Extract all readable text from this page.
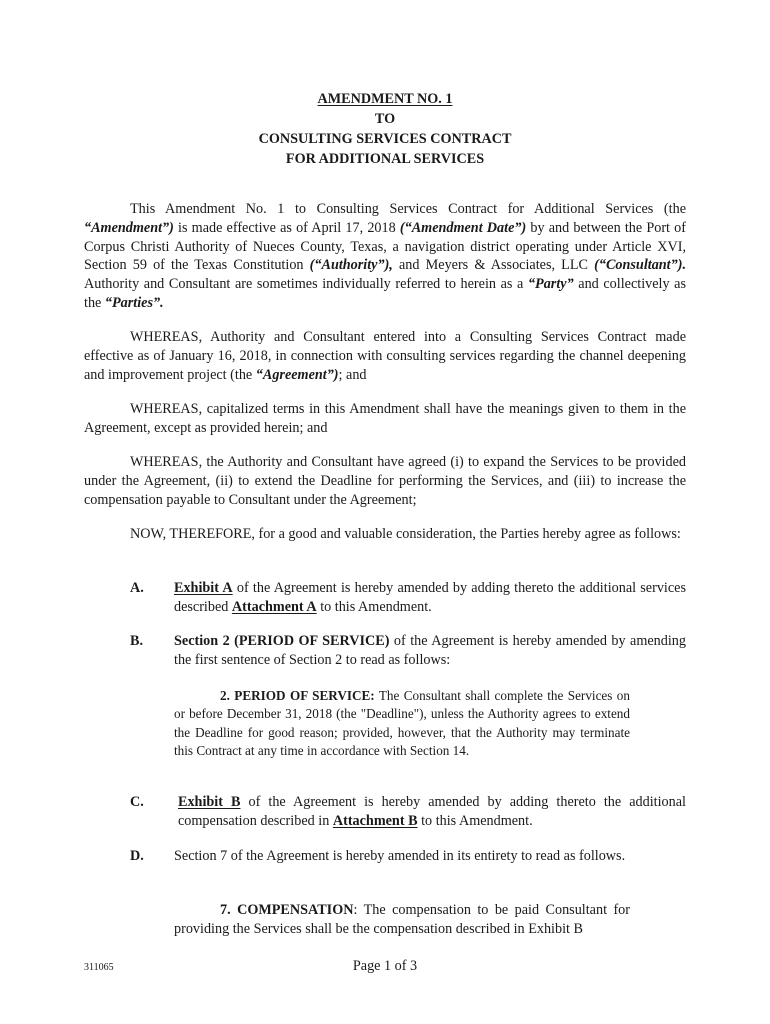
AMENDMENT NO. 1
TO
CONSULTING SERVICES CONTRACT
FOR ADDITIONAL SERVICES

This Amendment No. 1 to Consulting Services Contract for Additional Services (the “Amendment”) is made effective as of April 17, 2018 (“Amendment Date”) by and between the Port of Corpus Christi Authority of Nueces County, Texas, a navigation district operating under Article XVI, Section 59 of the Texas Constitution (“Authority”), and Meyers & Associates, LLC (“Consultant”). Authority and Consultant are sometimes individually referred to herein as a “Party” and collectively as the “Parties”.

WHEREAS, Authority and Consultant entered into a Consulting Services Contract made effective as of January 16, 2018, in connection with consulting services regarding the channel deepening and improvement project (the “Agreement”); and

WHEREAS, capitalized terms in this Amendment shall have the meanings given to them in the Agreement, except as provided herein; and

WHEREAS, the Authority and Consultant have agreed (i) to expand the Services to be provided under the Agreement, (ii) to extend the Deadline for performing the Services, and (iii) to increase the compensation payable to Consultant under the Agreement;

NOW, THEREFORE, for a good and valuable consideration, the Parties hereby agree as follows:

A. Exhibit A of the Agreement is hereby amended by adding thereto the additional services described Attachment A to this Amendment.
B. Section 2 (PERIOD OF SERVICE) of the Agreement is hereby amended by amending the first sentence of Section 2 to read as follows:

2. PERIOD OF SERVICE: The Consultant shall complete the Services on or before December 31, 2018 (the "Deadline"), unless the Authority agrees to extend the Deadline for good reason; provided, however, that the Authority may terminate this Contract at any time in accordance with Section 14.

C. Exhibit B of the Agreement is hereby amended by adding thereto the additional compensation described in Attachment B to this Amendment.
D. Section 7 of the Agreement is hereby amended in its entirety to read as follows.

7. COMPENSATION: The compensation to be paid Consultant for providing the Services shall be the compensation described in Exhibit B

311065	Page 1 of 3
